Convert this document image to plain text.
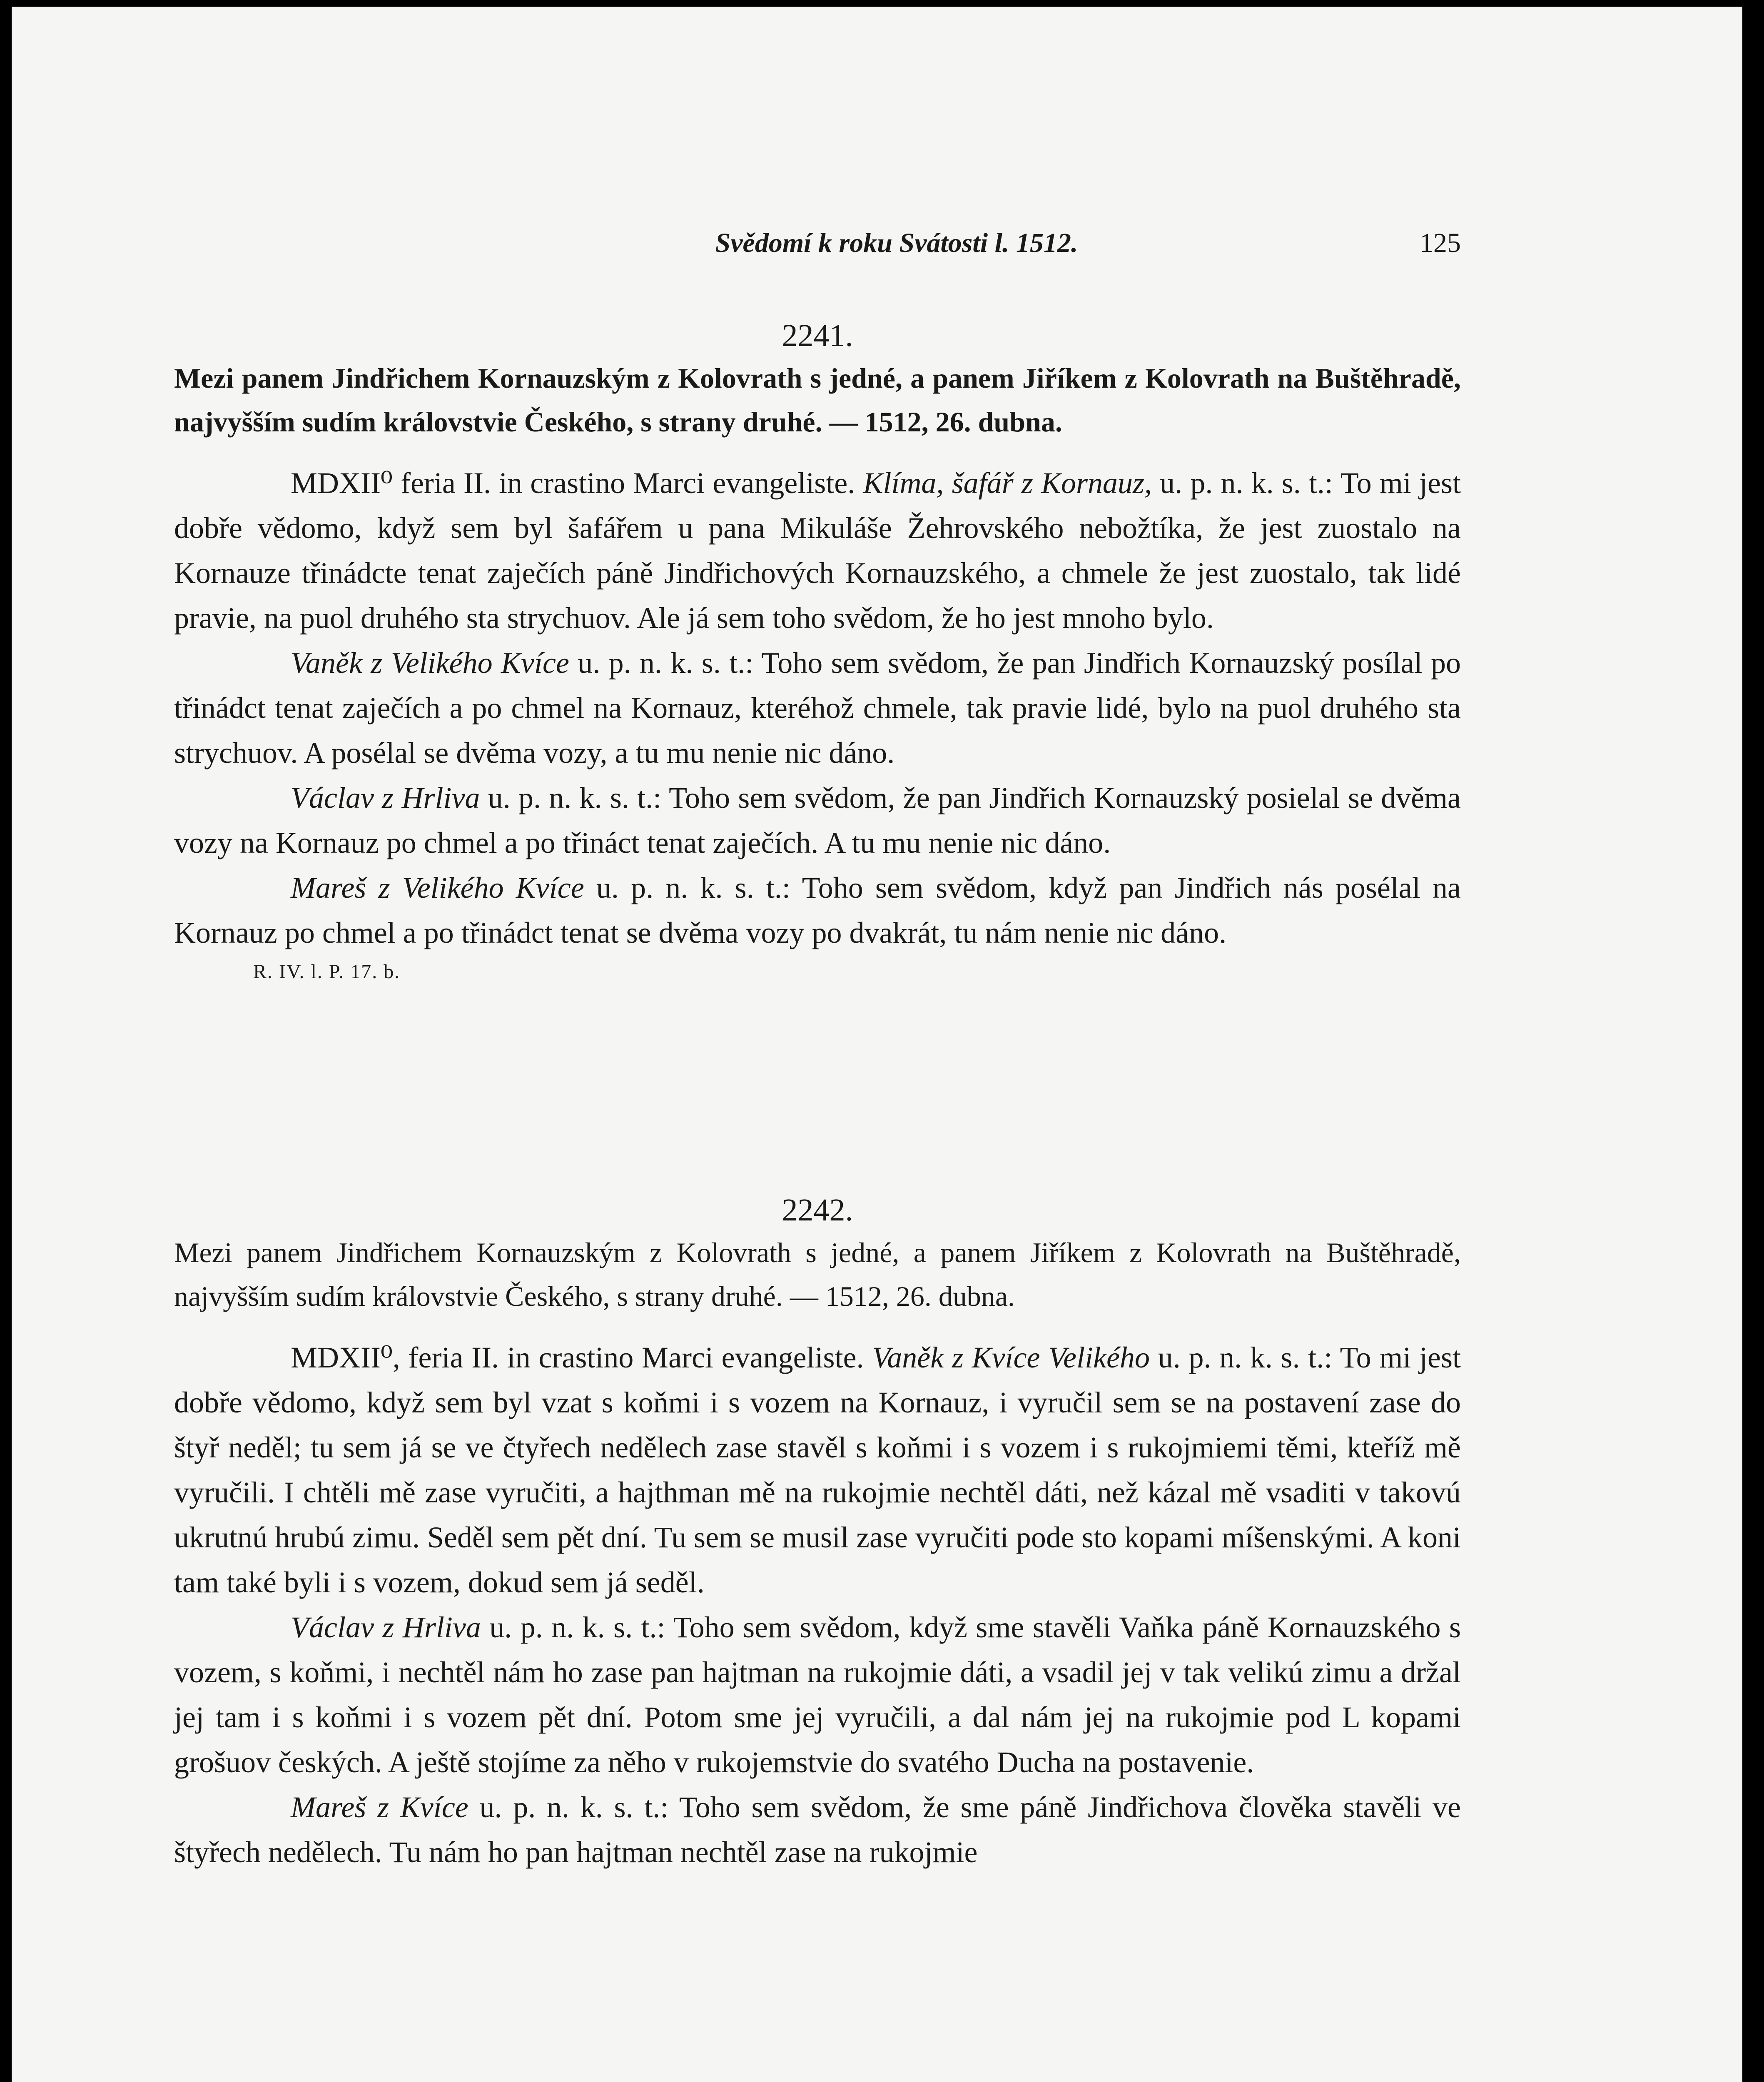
Svědomí k roku Svátosti l. 1512.	125
2241.
Mezi panem Jindřichem Kornauzským z Kolovrath s jedné, a panem Jiříkem z Kolovrath na Buštěhradě, najvyšším sudím královstvie Českého, s strany druhé. — 1512, 26. dubna.

MDXII⁰ feria II. in crastino Marci evangeliste. Klíma, šafář z Kornauz, u. p. n. k. s. t.: To mi jest dobře vědomo, když sem byl šafářem u pana Mikuláše Žehrovského nebožtíka, že jest zuostalo na Kornauze třinádcte tenat zaječích páně Jindřichových Kornauzského, a chmele že jest zuostalo, tak lidé pravie, na puol druhého sta strychuov. Ale já sem toho svědom, že ho jest mnoho bylo.
Vaněk z Velikého Kvíce u. p. n. k. s. t.: Toho sem svědom, že pan Jindřich Kornauzský posílal po třinádct tenat zaječích a po chmel na Kornauz, kteréhož chmele, tak pravie lidé, bylo na puol druhého sta strychuov. A posélal se dvěma vozy, a tu mu nenie nic dáno.
Václav z Hrliva u. p. n. k. s. t.: Toho sem svědom, že pan Jindřich Kornauzský posielal se dvěma vozy na Kornauz po chmel a po třináct tenat zaječích. A tu mu nenie nic dáno.
Mareš z Velikého Kvíce u. p. n. k. s. t.: Toho sem svědom, když pan Jindřich nás posélal na Kornauz po chmel a po třinádct tenat se dvěma vozy po dvakrát, tu nám nenie nic dáno.

R. IV. l. P. 17. b.
2242.
Mezi panem Jindřichem Kornauzským z Kolovrath s jedné, a panem Jiříkem z Kolovrath na Buštěhradě, najvyšším sudím královstvie Českého, s strany druhé. — 1512, 26. dubna.

MDXII⁰, feria II. in crastino Marci evangeliste. Vaněk z Kvíce Velikého u. p. n. k. s. t.: To mi jest dobře vědomo, když sem byl vzat s koňmi i s vozem na Kornauz, i vyručil sem se na postavení zase do štyř neděl; tu sem já se ve čtyřech nedělech zase stavěl s koňmi i s vozem i s rukojmiemi těmi, kteříž mě vyručili. I chtěli mě zase vyručiti, a hajthman mě na rukojmie nechtěl dáti, než kázal mě vsaditi v takovú ukrutnú hrubú zimu. Seděl sem pět dní. Tu sem se musil zase vyručiti pode sto kopami míšenskými. A koni tam také byli i s vozem, dokud sem já seděl.
Václav z Hrliva u. p. n. k. s. t.: Toho sem svědom, když sme stavěli Vaňka páně Kornauzského s vozem, s koňmi, i nechtěl nám ho zase pan hajtman na rukojmie dáti, a vsadil jej v tak velikú zimu a držal jej tam i s koňmi i s vozem pět dní. Potom sme jej vyručili, a dal nám jej na rukojmie pod L kopami grošuov českých. A ještě stojíme za něho v rukojemstvie do svatého Ducha na postavenie.
Mareš z Kvíce u. p. n. k. s. t.: Toho sem svědom, že sme páně Jindřichova člověka stavěli ve štyřech nedělech. Tu nám ho pan hajtman nechtěl zase na rukojmie
